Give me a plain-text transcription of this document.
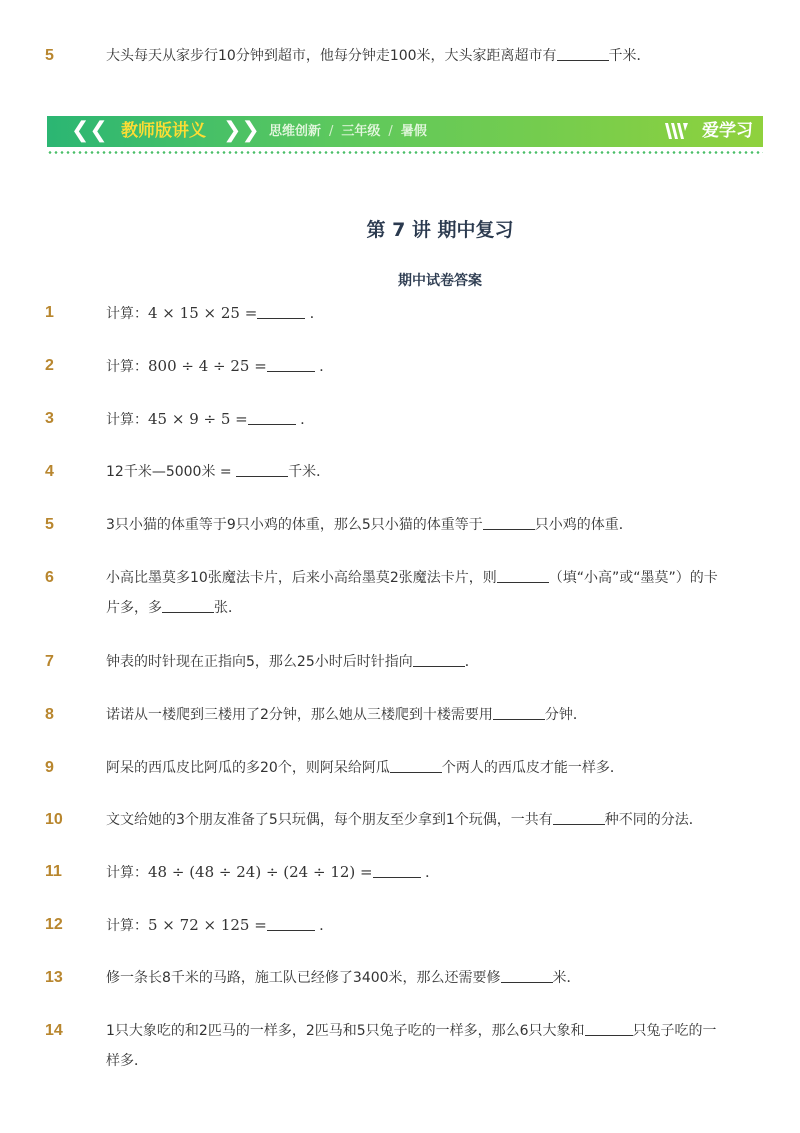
5	大头每天从家步行10分钟到超市，他每分钟走100米，大头家距离超市有	千米．
❮❮ 教师版讲义 ❯❯ 思维创新 / 三年级 / 暑假	爱学习
第 7 讲 期中复习
期中试卷答案
1	计算：4 × 15 × 25 =	．
2	计算：800 ÷ 4 ÷ 25 =	．
3	计算：45 × 9 ÷ 5 =	．
4	12千米—5000米 =	千米．
5	3只小猫的体重等于9只小鸡的体重，那么5只小猫的体重等于	只小鸡的体重．
6	小高比墨莫多10张魔法卡片，后来小高给墨莫2张魔法卡片，则	（填“小高”或“墨莫”）的卡片多，多	张．
7	钟表的时针现在正指向5，那么25小时后时针指向	．
8	诺诺从一楼爬到三楼用了2分钟，那么她从三楼爬到十楼需要用	分钟．
9	阿呆的西瓜皮比阿瓜的多20个，则阿呆给阿瓜	个两人的西瓜皮才能一样多．
10	文文给她的3个朋友准备了5只玩偶，每个朋友至少拿到1个玩偶，一共有	种不同的分法．
11	计算：48 ÷ (48 ÷ 24) ÷ (24 ÷ 12) =	．
12	计算：5 × 72 × 125 =	．
13	修一条长8千米的马路，施工队已经修了3400米，那么还需要修	米．
14	1只大象吃的和2匹马的一样多，2匹马和5只兔子吃的一样多，那么6只大象和	只兔子吃的一样多．
